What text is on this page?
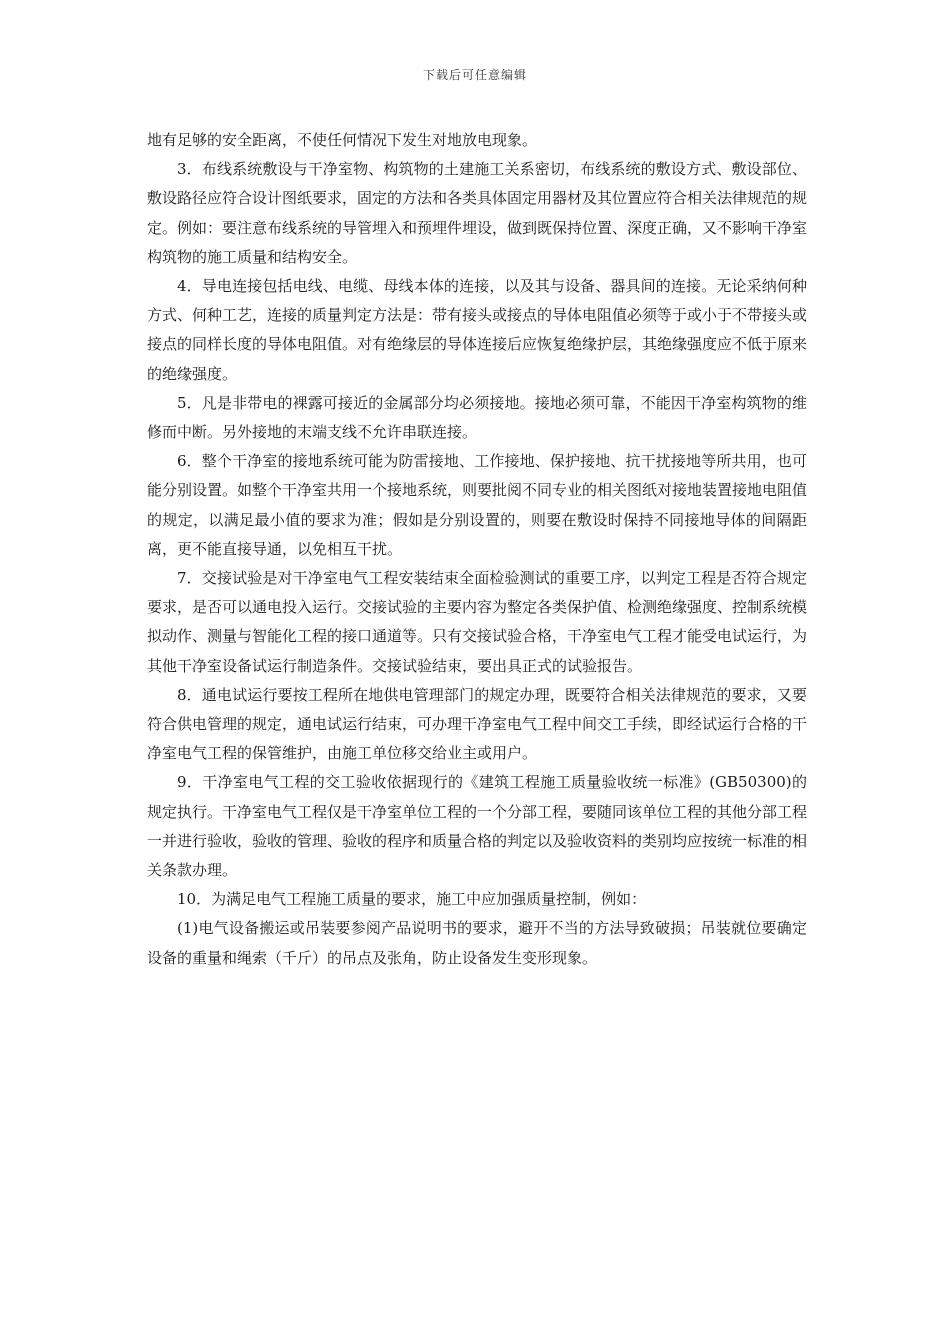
下载后可任意编辑

地有足够的安全距离，不使任何情况下发生对地放电现象。

3．布线系统敷设与干净室物、构筑物的土建施工关系密切，布线系统的敷设方式、敷设部位、敷设路径应符合设计图纸要求，固定的方法和各类具体固定用器材及其位置应符合相关法律规范的规定。例如：要注意布线系统的导管埋入和预埋件埋设，做到既保持位置、深度正确，又不影响干净室构筑物的施工质量和结构安全。

4．导电连接包括电线、电缆、母线本体的连接，以及其与设备、器具间的连接。无论采纳何种方式、何种工艺，连接的质量判定方法是：带有接头或接点的导体电阻值必须等于或小于不带接头或接点的同样长度的导体电阻值。对有绝缘层的导体连接后应恢复绝缘护层，其绝缘强度应不低于原来的绝缘强度。

5．凡是非带电的裸露可接近的金属部分均必须接地。接地必须可靠，不能因干净室构筑物的维修而中断。另外接地的末端支线不允许串联连接。

6．整个干净室的接地系统可能为防雷接地、工作接地、保护接地、抗干扰接地等所共用，也可能分别设置。如整个干净室共用一个接地系统，则要批阅不同专业的相关图纸对接地装置接地电阻值的规定，以满足最小值的要求为准；假如是分别设置的，则要在敷设时保持不同接地导体的间隔距离，更不能直接导通，以免相互干扰。

7．交接试验是对干净室电气工程安装结束全面检验测试的重要工序，以判定工程是否符合规定要求，是否可以通电投入运行。交接试验的主要内容为整定各类保护值、检测绝缘强度、控制系统模拟动作、测量与智能化工程的接口通道等。只有交接试验合格，干净室电气工程才能受电试运行，为其他干净室设备试运行制造条件。交接试验结束，要出具正式的试验报告。

8．通电试运行要按工程所在地供电管理部门的规定办理，既要符合相关法律规范的要求，又要符合供电管理的规定，通电试运行结束，可办理干净室电气工程中间交工手续，即经试运行合格的干净室电气工程的保管维护，由施工单位移交给业主或用户。

9．干净室电气工程的交工验收依据现行的《建筑工程施工质量验收统一标准》(GB50300)的规定执行。干净室电气工程仅是干净室单位工程的一个分部工程，要随同该单位工程的其他分部工程一并进行验收，验收的管理、验收的程序和质量合格的判定以及验收资料的类别均应按统一标准的相关条款办理。

10．为满足电气工程施工质量的要求，施工中应加强质量控制，例如：

(1)电气设备搬运或吊装要参阅产品说明书的要求，避开不当的方法导致破损；吊装就位要确定设备的重量和绳索（千斤）的吊点及张角，防止设备发生变形现象。
